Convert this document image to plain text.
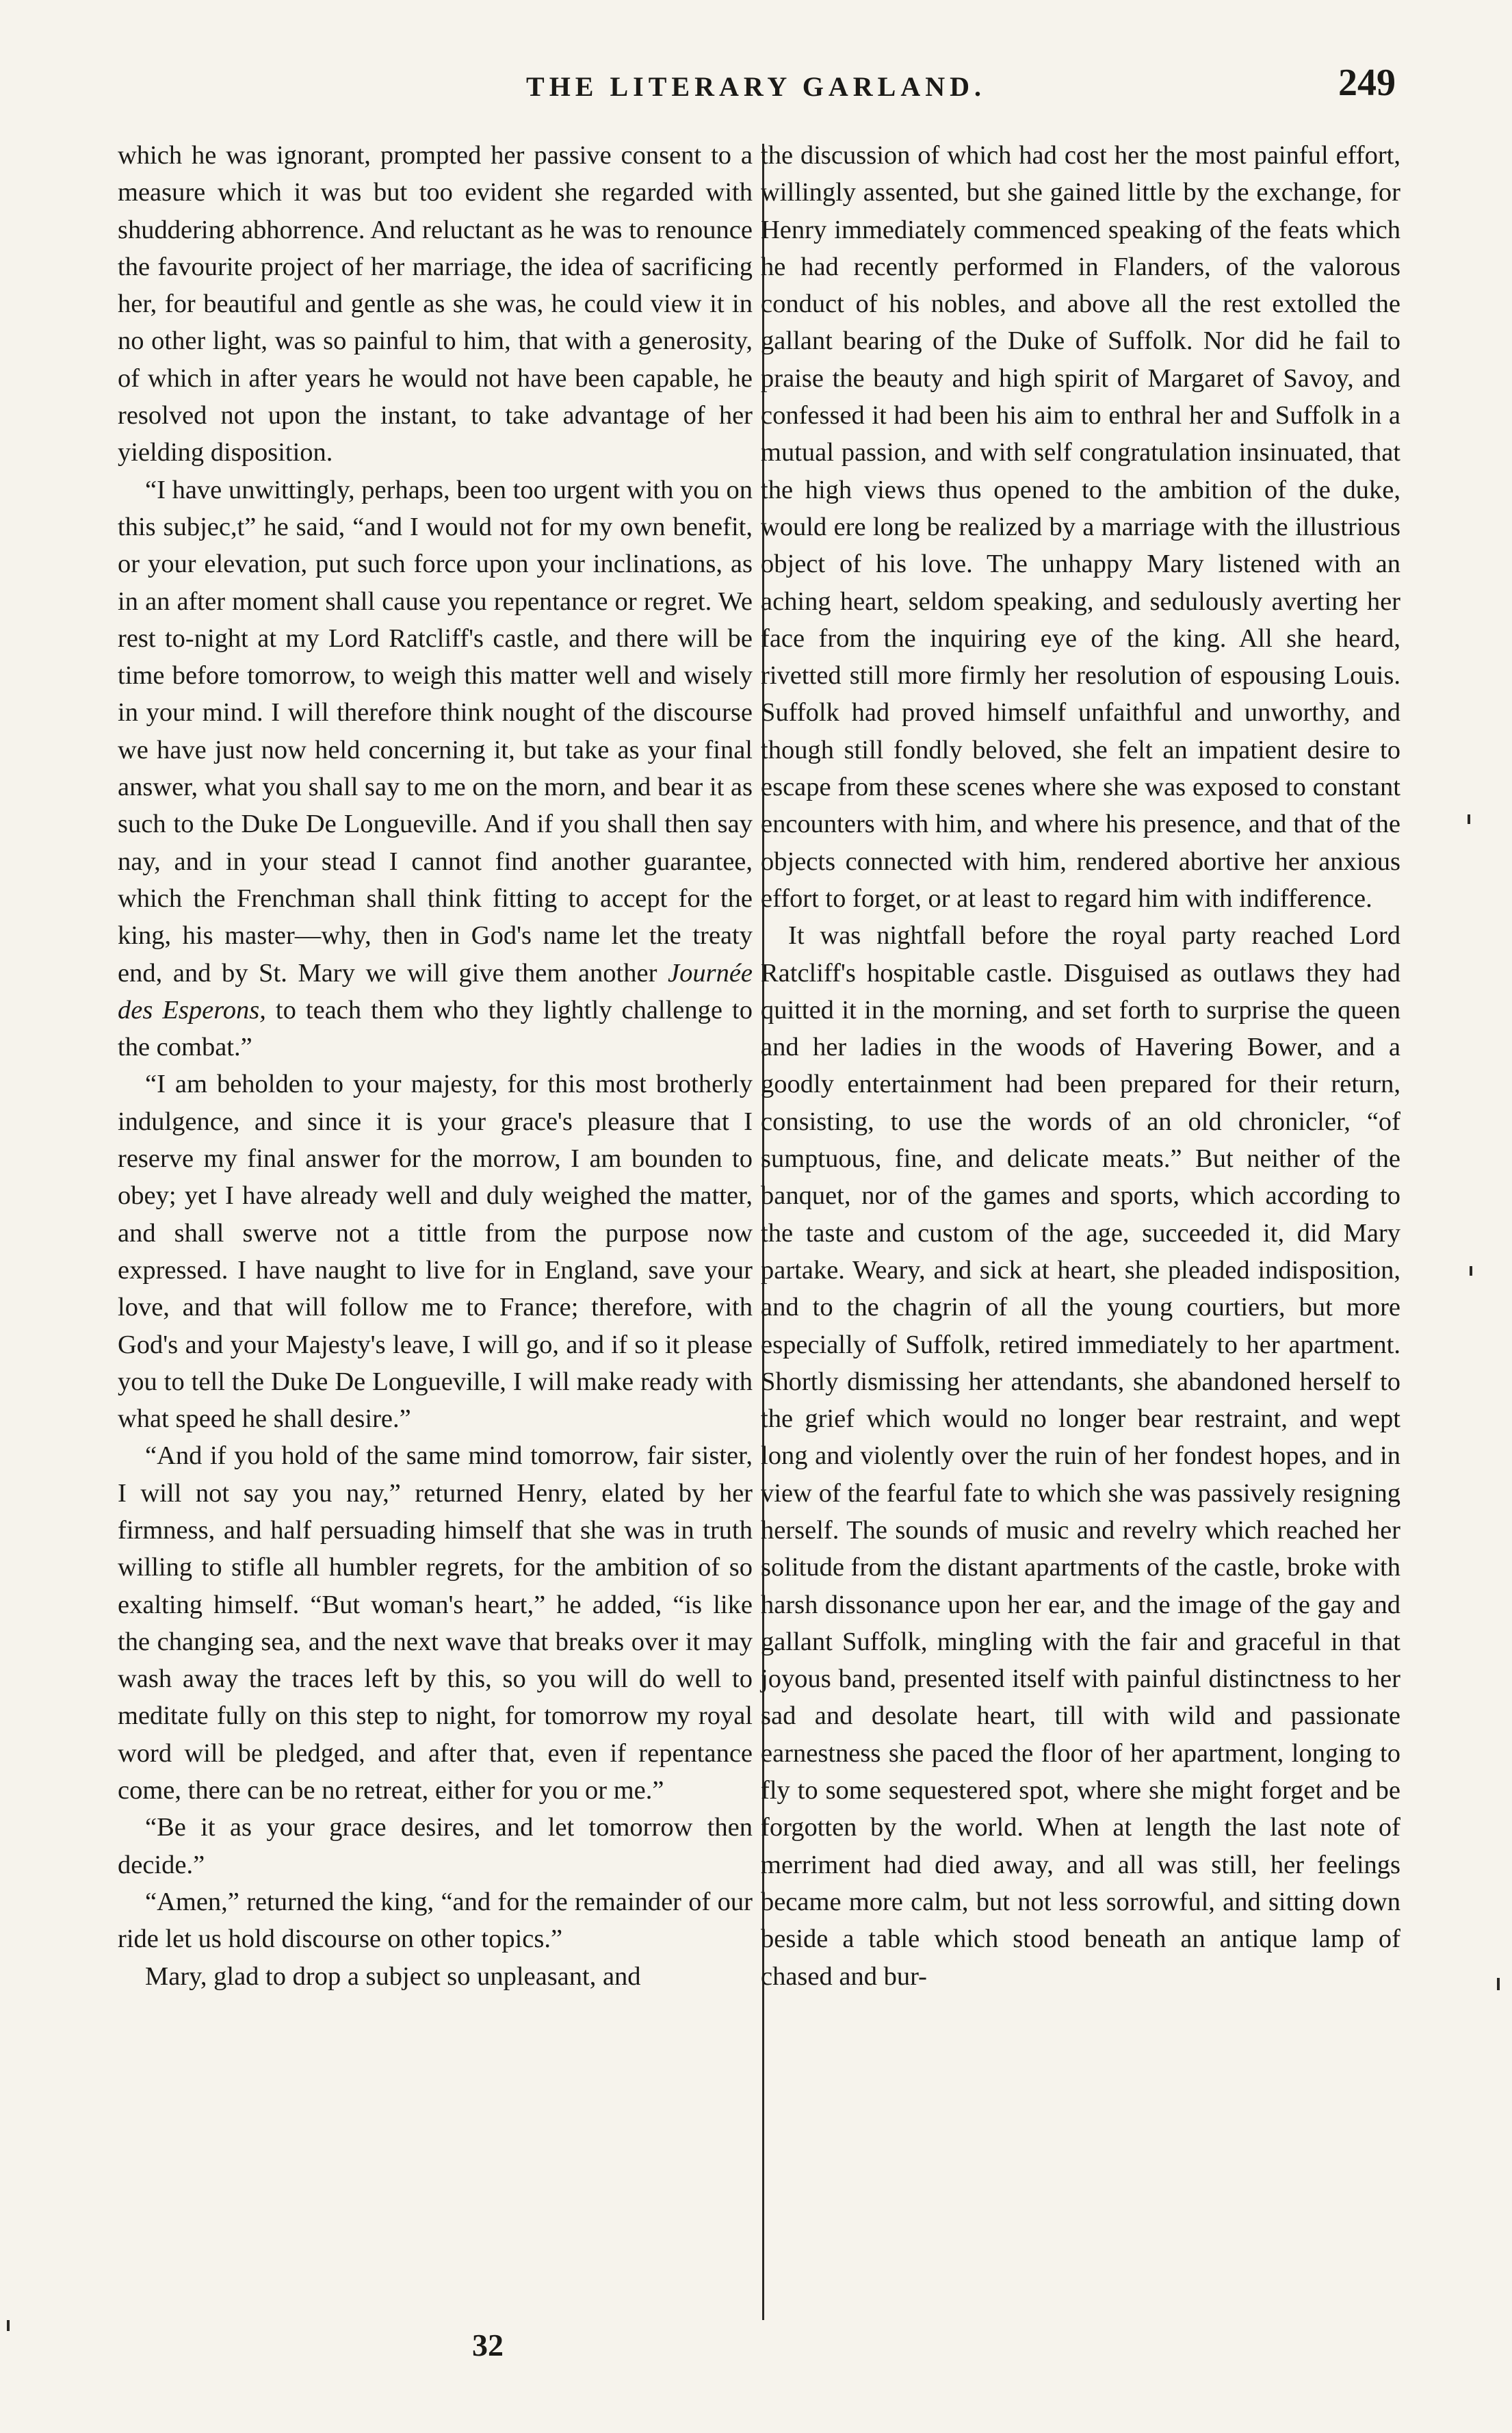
THE LITERARY GARLAND.	249

which he was ignorant, prompted her passive consent to a measure which it was but too evident she regarded with shuddering abhorrence. And reluctant as he was to renounce the favourite project of her marriage, the idea of sacrificing her, for beautiful and gentle as she was, he could view it in no other light, was so painful to him, that with a generosity, of which in after years he would not have been capable, he resolved not upon the instant, to take advantage of her yielding disposition.

“I have unwittingly, perhaps, been too urgent with you on this subjec,t” he said, “and I would not for my own benefit, or your elevation, put such force upon your inclinations, as in an after moment shall cause you repentance or regret. We rest to-night at my Lord Ratcliff's castle, and there will be time before tomorrow, to weigh this matter well and wisely in your mind. I will therefore think nought of the discourse we have just now held concerning it, but take as your final answer, what you shall say to me on the morn, and bear it as such to the Duke De Longueville. And if you shall then say nay, and in your stead I cannot find another guarantee, which the Frenchman shall think fitting to accept for the king, his master—why, then in God's name let the treaty end, and by St. Mary we will give them another Journée des Esperons, to teach them who they lightly challenge to the combat.”

“I am beholden to your majesty, for this most brotherly indulgence, and since it is your grace's pleasure that I reserve my final answer for the morrow, I am bounden to obey; yet I have already well and duly weighed the matter, and shall swerve not a tittle from the purpose now expressed. I have naught to live for in England, save your love, and that will follow me to France; therefore, with God's and your Majesty's leave, I will go, and if so it please you to tell the Duke De Longueville, I will make ready with what speed he shall desire.”

“And if you hold of the same mind tomorrow, fair sister, I will not say you nay,” returned Henry, elated by her firmness, and half persuading himself that she was in truth willing to stifle all humbler regrets, for the ambition of so exalting himself. “But woman's heart,” he added, “is like the changing sea, and the next wave that breaks over it may wash away the traces left by this, so you will do well to meditate fully on this step to night, for tomorrow my royal word will be pledged, and after that, even if repentance come, there can be no retreat, either for you or me.”

“Be it as your grace desires, and let tomorrow then decide.”

“Amen,” returned the king, “and for the remainder of our ride let us hold discourse on other topics.”

Mary, glad to drop a subject so unpleasant, and

the discussion of which had cost her the most painful effort, willingly assented, but she gained little by the exchange, for Henry immediately commenced speaking of the feats which he had recently performed in Flanders, of the valorous conduct of his nobles, and above all the rest extolled the gallant bearing of the Duke of Suffolk. Nor did he fail to praise the beauty and high spirit of Margaret of Savoy, and confessed it had been his aim to enthral her and Suffolk in a mutual passion, and with self congratulation insinuated, that the high views thus opened to the ambition of the duke, would ere long be realized by a marriage with the illustrious object of his love. The unhappy Mary listened with an aching heart, seldom speaking, and sedulously averting her face from the inquiring eye of the king. All she heard, rivetted still more firmly her resolution of espousing Louis. Suffolk had proved himself unfaithful and unworthy, and though still fondly beloved, she felt an impatient desire to escape from these scenes where she was exposed to constant encounters with him, and where his presence, and that of the objects connected with him, rendered abortive her anxious effort to forget, or at least to regard him with indifference.

It was nightfall before the royal party reached Lord Ratcliff's hospitable castle. Disguised as outlaws they had quitted it in the morning, and set forth to surprise the queen and her ladies in the woods of Havering Bower, and a goodly entertainment had been prepared for their return, consisting, to use the words of an old chronicler, “of sumptuous, fine, and delicate meats.” But neither of the banquet, nor of the games and sports, which according to the taste and custom of the age, succeeded it, did Mary partake. Weary, and sick at heart, she pleaded indisposition, and to the chagrin of all the young courtiers, but more especially of Suffolk, retired immediately to her apartment. Shortly dismissing her attendants, she abandoned herself to the grief which would no longer bear restraint, and wept long and violently over the ruin of her fondest hopes, and in view of the fearful fate to which she was passively resigning herself. The sounds of music and revelry which reached her solitude from the distant apartments of the castle, broke with harsh dissonance upon her ear, and the image of the gay and gallant Suffolk, mingling with the fair and graceful in that joyous band, presented itself with painful distinctness to her sad and desolate heart, till with wild and passionate earnestness she paced the floor of her apartment, longing to fly to some sequestered spot, where she might forget and be forgotten by the world. When at length the last note of merriment had died away, and all was still, her feelings became more calm, but not less sorrowful, and sitting down beside a table which stood beneath an antique lamp of chased and bur-

32
